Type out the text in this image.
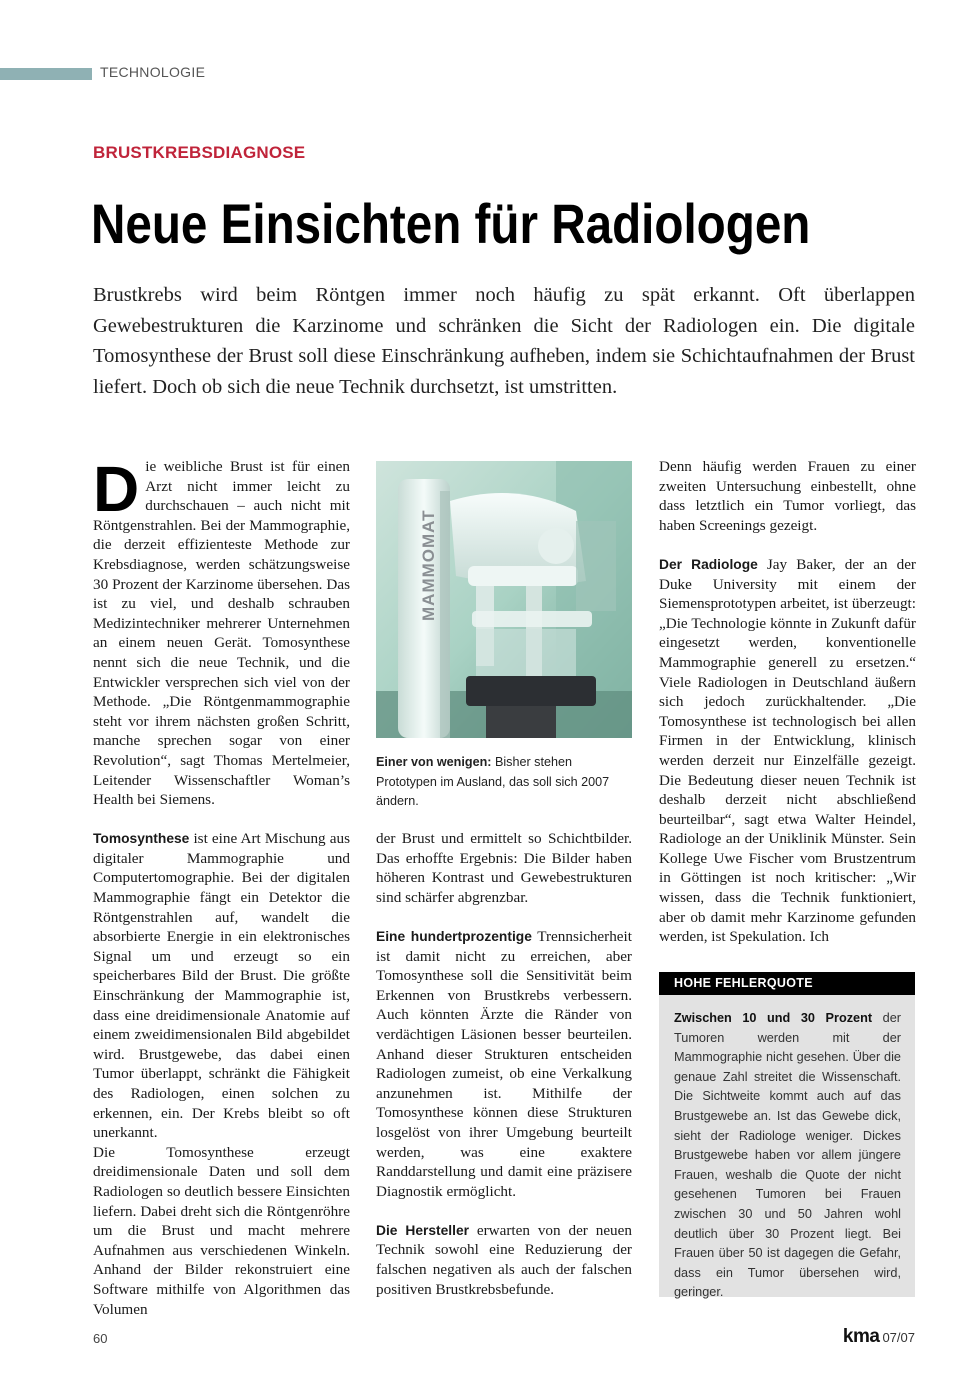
TECHNOLOGIE
BRUSTKREBSDIAGNOSE
Neue Einsichten für Radiologen

Brustkrebs wird beim Röntgen immer noch häufig zu spät erkannt. Oft überlappen Gewebestrukturen die Karzinome und schränken die Sicht der Radiologen ein. Die digitale Tomosynthese der Brust soll diese Einschränkung aufheben, indem sie Schichtaufnahmen der Brust liefert. Doch ob sich die neue Technik durchsetzt, ist umstritten.

Die weibliche Brust ist für einen Arzt nicht immer leicht zu durchschauen – auch nicht mit Röntgenstrahlen. Bei der Mammographie, die derzeit effizienteste Methode zur Krebsdiagnose, werden schätzungsweise 30 Prozent der Karzinome übersehen. Das ist zu viel, und deshalb schrauben Medizintechniker mehrerer Unternehmen an einem neuen Gerät. Tomosynthese nennt sich die neue Technik, und die Entwickler versprechen sich viel von der Methode. „Die Röntgenmammographie steht vor ihrem nächsten großen Schritt, manche sprechen sogar von einer Revolution“, sagt Thomas Mertelmeier, Leitender Wissenschaftler Woman’s Health bei Siemens.

Tomosynthese ist eine Art Mischung aus digitaler Mammographie und Computertomographie. Bei der digitalen Mammographie fängt ein Detektor die Röntgenstrahlen auf, wandelt die absorbierte Energie in ein elektronisches Signal um und erzeugt so ein speicherbares Bild der Brust. Die größte Einschränkung der Mammographie ist, dass eine dreidimensionale Anatomie auf einem zweidimensionalen Bild abgebildet wird. Brustgewebe, das dabei einen Tumor überlappt, schränkt die Fähigkeit des Radiologen, einen solchen zu erkennen, ein. Der Krebs bleibt so oft unerkannt.

Die Tomosynthese erzeugt dreidimensionale Daten und soll dem Radiologen so deutlich bessere Einsichten liefern. Dabei dreht sich die Röntgenröhre um die Brust und macht mehrere Aufnahmen aus verschiedenen Winkeln. Anhand der Bilder rekonstruiert eine Software mithilfe von Algorithmen das Volumen

MAMMOMAT

Einer von wenigen: Bisher stehen Prototypen im Ausland, das soll sich 2007 ändern.

der Brust und ermittelt so Schichtbilder. Das erhoffte Ergebnis: Die Bilder haben höheren Kontrast und Gewebestrukturen sind schärfer abgrenzbar.

Eine hundertprozentige Trennsicherheit ist damit nicht zu erreichen, aber Tomosynthese soll die Sensitivität beim Erkennen von Brustkrebs verbessern. Auch könnten Ärzte die Ränder von verdächtigen Läsionen besser beurteilen. Anhand dieser Strukturen entscheiden Radiologen zumeist, ob eine Verkalkung anzunehmen ist. Mithilfe der Tomosynthese können diese Strukturen losgelöst von ihrer Umgebung beurteilt werden, was eine exaktere Randdarstellung und damit eine präzisere Diagnostik ermöglicht.

Die Hersteller erwarten von der neuen Technik sowohl eine Reduzierung der falschen negativen als auch der falschen positiven Brustkrebsbefunde.

Denn häufig werden Frauen zu einer zweiten Untersuchung einbestellt, ohne dass letztlich ein Tumor vorliegt, das haben Screenings gezeigt.

Der Radiologe Jay Baker, der an der Duke University mit einem der Siemensprototypen arbeitet, ist überzeugt: „Die Technologie könnte in Zukunft dafür eingesetzt werden, konventionelle Mammographie generell zu ersetzen.“ Viele Radiologen in Deutschland äußern sich jedoch zurückhaltender. „Die Tomosynthese ist technologisch bei allen Firmen in der Entwicklung, klinisch werden derzeit nur Einzelfälle gezeigt. Die Bedeutung dieser neuen Technik ist deshalb derzeit nicht abschließend beurteilbar“, sagt etwa Walter Heindel, Radiologe an der Uniklinik Münster. Sein Kollege Uwe Fischer vom Brustzentrum in Göttingen ist noch kritischer: „Wir wissen, dass die Technik funktioniert, aber ob damit mehr Karzinome gefunden werden, ist Spekulation. Ich

HOHE FEHLERQUOTE

Zwischen 10 und 30 Prozent der Tumoren werden mit der Mammographie nicht gesehen. Über die genaue Zahl streitet die Wissenschaft. Die Sichtweite kommt auch auf das Brustgewebe an. Ist das Gewebe dick, sieht der Radiologe weniger. Dickes Brustgewebe haben vor allem jüngere Frauen, weshalb die Quote der nicht gesehenen Tumoren bei Frauen zwischen 30 und 50 Jahren wohl deutlich über 30 Prozent liegt. Bei Frauen über 50 ist dagegen die Gefahr, dass ein Tumor übersehen wird, geringer.

60	kma 07/07
